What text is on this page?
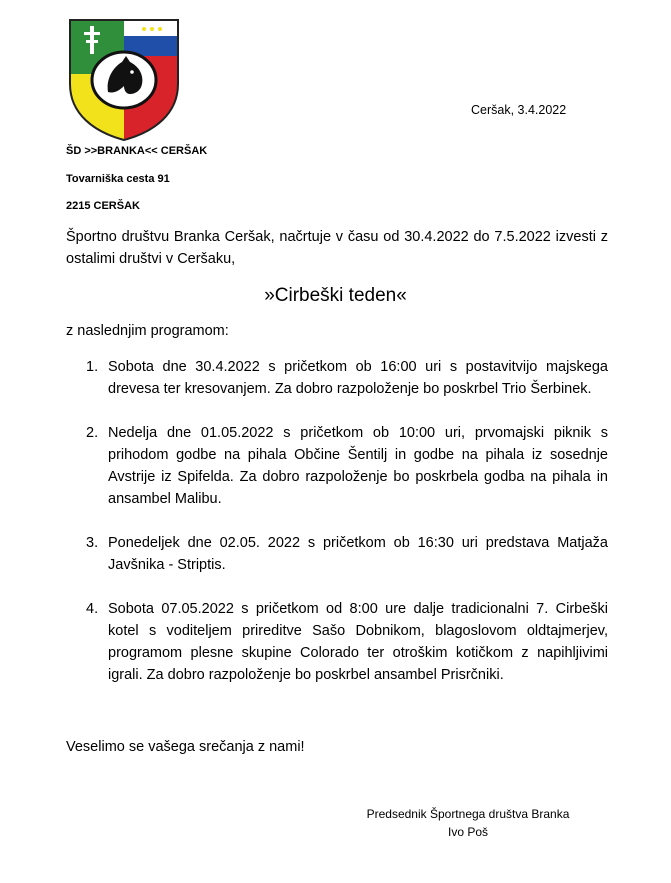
Ceršak, 3.4.2022
ŠD >>BRANKA<< CERŠAK
Tovarniška cesta 91
2215 CERŠAK
Športno društvu Branka Ceršak, načrtuje v času od 30.4.2022 do 7.5.2022 izvesti z ostalimi društvi v Ceršaku,
»Cirbeški teden«
z naslednjim programom:
1. Sobota dne 30.4.2022 s pričetkom ob 16:00 uri s postavitvijo majskega drevesa ter kresovanjem. Za dobro razpoloženje bo poskrbel Trio Šerbinek.
2. Nedelja dne 01.05.2022 s pričetkom ob 10:00 uri, prvomajski piknik s prihodom godbe na pihala Občine Šentilj in godbe na pihala iz sosednje Avstrije iz Spifelda. Za dobro razpoloženje bo poskrbela godba na pihala in ansambel Malibu.
3. Ponedeljek dne 02.05. 2022 s pričetkom ob 16:30 uri predstava Matjaža Javšnika - Striptis.
4. Sobota 07.05.2022 s pričetkom od 8:00 ure dalje tradicionalni 7. Cirbeški kotel s voditeljem prireditve Sašo Dobnikom, blagoslovom oldtajmerjev, programom plesne skupine Colorado ter otroškim kotičkom z napihljivimi igrali. Za dobro razpoloženje bo poskrbel ansambel Prisrčniki.
Veselimo se vašega srečanja z nami!
Predsednik Športnega društva Branka
Ivo Poš
